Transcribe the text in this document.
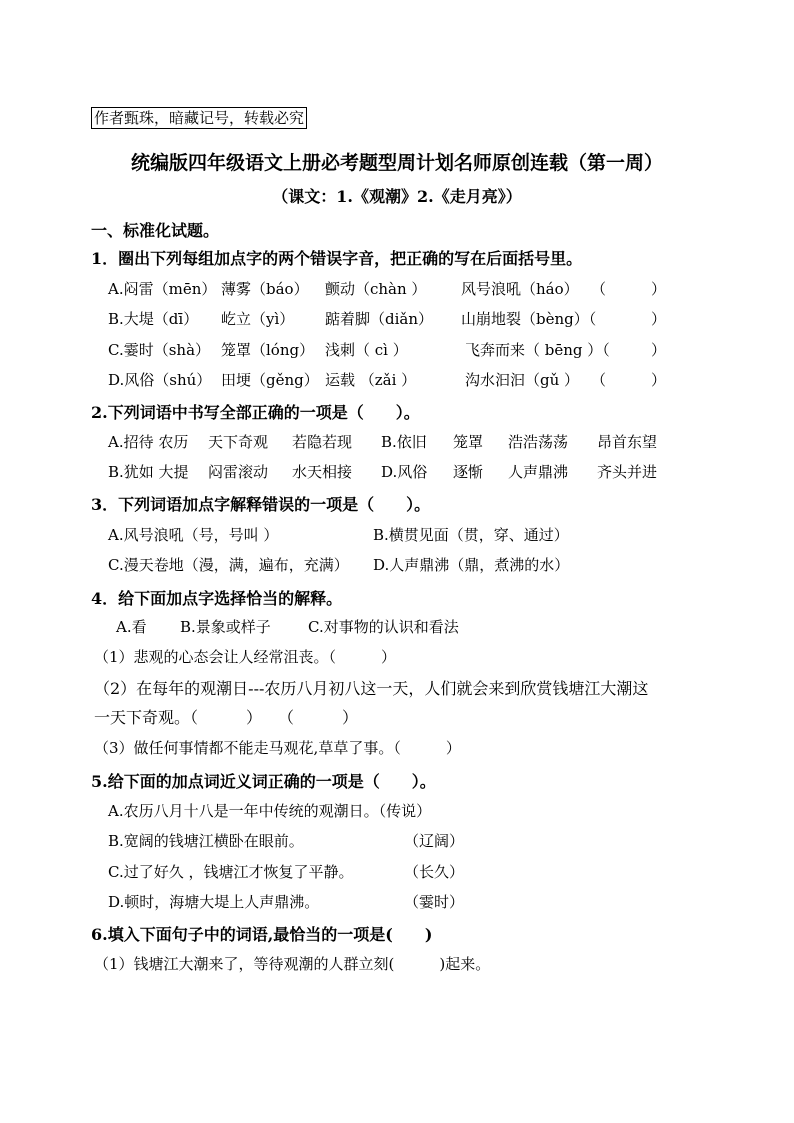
作者甄珠，暗藏记号，转载必究
统编版四年级语文上册必考题型周计划名师原创连载（第一周）
（课文：1.《观潮》2.《走月亮》）
一、标准化试题。
1．圈出下列每组加点字的两个错误字音，把正确的写在后面括号里。
A.闷雷（mēn） 薄雾（báo） 颤动（chàn ） 风号浪吼（háo） （	）
B.大堤（dī） 屹立（yì） 踮着脚（diǎn） 山崩地裂（bèng）（	）
C.霎时（shà） 笼罩（lóng） 浅刺（ cì ）	飞奔而来（ bēng ）（	）
D.风俗（shú） 田埂（gěng） 运载 （zǎi ）	沟水汩汩（gǔ ） （	）
2.下列词语中书写全部正确的一项是（　　）。
A.招待 农历 天下奇观 若隐若现 B.依旧 笼罩 浩浩荡荡 昂首东望
B.犹如 大提 闷雷滚动 水天相接 D.风俗 逐惭 人声鼎沸 齐头并进
3．下列词语加点字解释错误的一项是（　　）。
A.风号浪吼（号，号叫 ）	B.横贯见面（贯，穿、通过）
C.漫天卷地（漫，满，遍布，充满） D.人声鼎沸（鼎，煮沸的水）
4．给下面加点字选择恰当的解释。
A.看 B.景象或样子 C.对事物的认识和看法
（1）悲观的心态会让人经常沮丧。（　　　）
（2）在每年的观潮日---农历八月初八这一天，人们就会来到欣赏钱塘江大潮这
一天下奇观。（　　　）　　（　　　）
（3）做任何事情都不能走马观花,草草了事。（　　　）
5.给下面的加点词近义词正确的一项是（　　）。
A.农历八月十八是一年中传统的观潮日。（传说）
B.宽阔的钱塘江横卧在眼前。	（辽阔）
C.过了好久 ，钱塘江才恢复了平静。	（长久）
D.顿时，海塘大堤上人声鼎沸。	（霎时）
6.填入下面句子中的词语,最恰当的一项是(　　)
（1）钱塘江大潮来了，等待观潮的人群立刻(　　　)起来。
